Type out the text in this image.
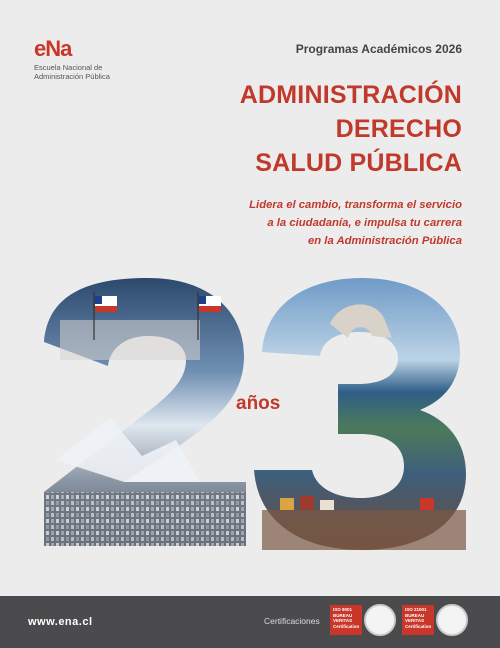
eNa
Escuela Nacional de
Administración Pública
Programas Académicos 2026
ADMINISTRACIÓN
DERECHO
SALUD PÚBLICA
Lidera el cambio, transforma el servicio
a la ciudadanía, e impulsa tu carrera
en la Administración Pública
años
www.ena.cl	Certificaciones
ISO 9001
BUREAU VERITAS
Certification
ISO 21001
BUREAU VERITAS
Certification
